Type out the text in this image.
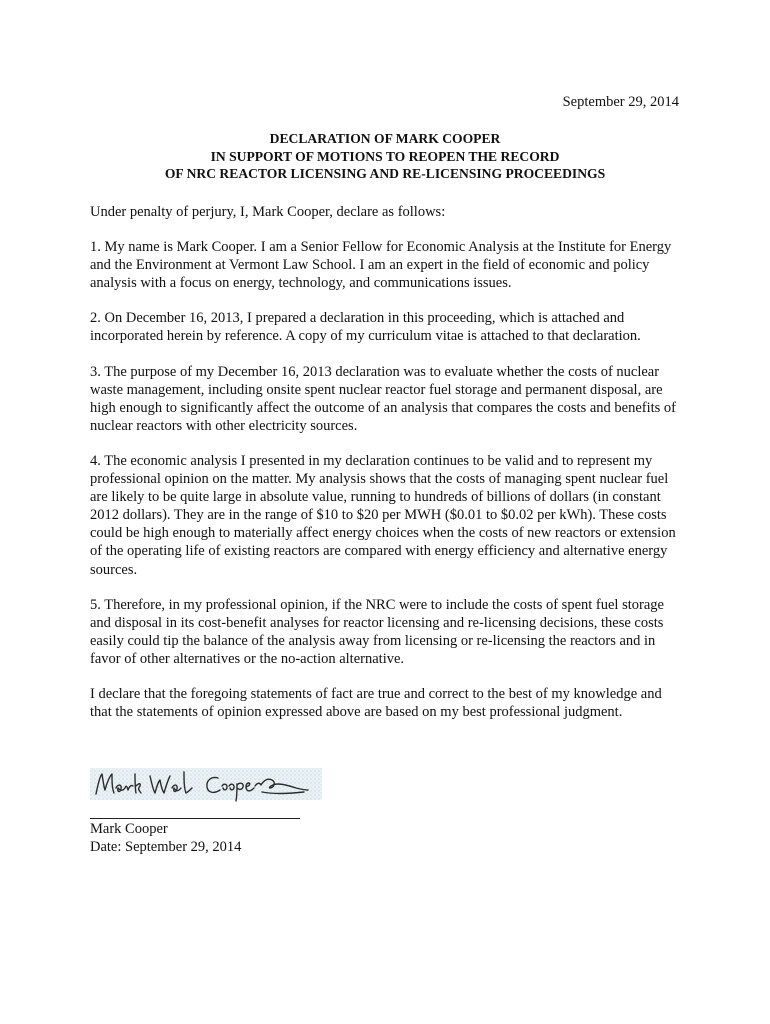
September 29, 2014
DECLARATION OF MARK COOPER
IN SUPPORT OF MOTIONS TO REOPEN THE RECORD
OF NRC REACTOR LICENSING AND RE-LICENSING PROCEEDINGS

Under penalty of perjury, I, Mark Cooper, declare as follows:

1. My name is Mark Cooper. I am a Senior Fellow for Economic Analysis at the Institute for Energy and the Environment at Vermont Law School. I am an expert in the field of economic and policy analysis with a focus on energy, technology, and communications issues.

2. On December 16, 2013, I prepared a declaration in this proceeding, which is attached and incorporated herein by reference. A copy of my curriculum vitae is attached to that declaration.

3. The purpose of my December 16, 2013 declaration was to evaluate whether the costs of nuclear waste management, including onsite spent nuclear reactor fuel storage and permanent disposal, are high enough to significantly affect the outcome of an analysis that compares the costs and benefits of nuclear reactors with other electricity sources.

4. The economic analysis I presented in my declaration continues to be valid and to represent my professional opinion on the matter. My analysis shows that the costs of managing spent nuclear fuel are likely to be quite large in absolute value, running to hundreds of billions of dollars (in constant 2012 dollars). They are in the range of $10 to $20 per MWH ($0.01 to $0.02 per kWh). These costs could be high enough to materially affect energy choices when the costs of new reactors or extension of the operating life of existing reactors are compared with energy efficiency and alternative energy sources.

5. Therefore, in my professional opinion, if the NRC were to include the costs of spent fuel storage and disposal in its cost-benefit analyses for reactor licensing and re-licensing decisions, these costs easily could tip the balance of the analysis away from licensing or re-licensing the reactors and in favor of other alternatives or the no-action alternative.

I declare that the foregoing statements of fact are true and correct to the best of my knowledge and that the statements of opinion expressed above are based on my best professional judgment.

Mark Cooper
Date: September 29, 2014
